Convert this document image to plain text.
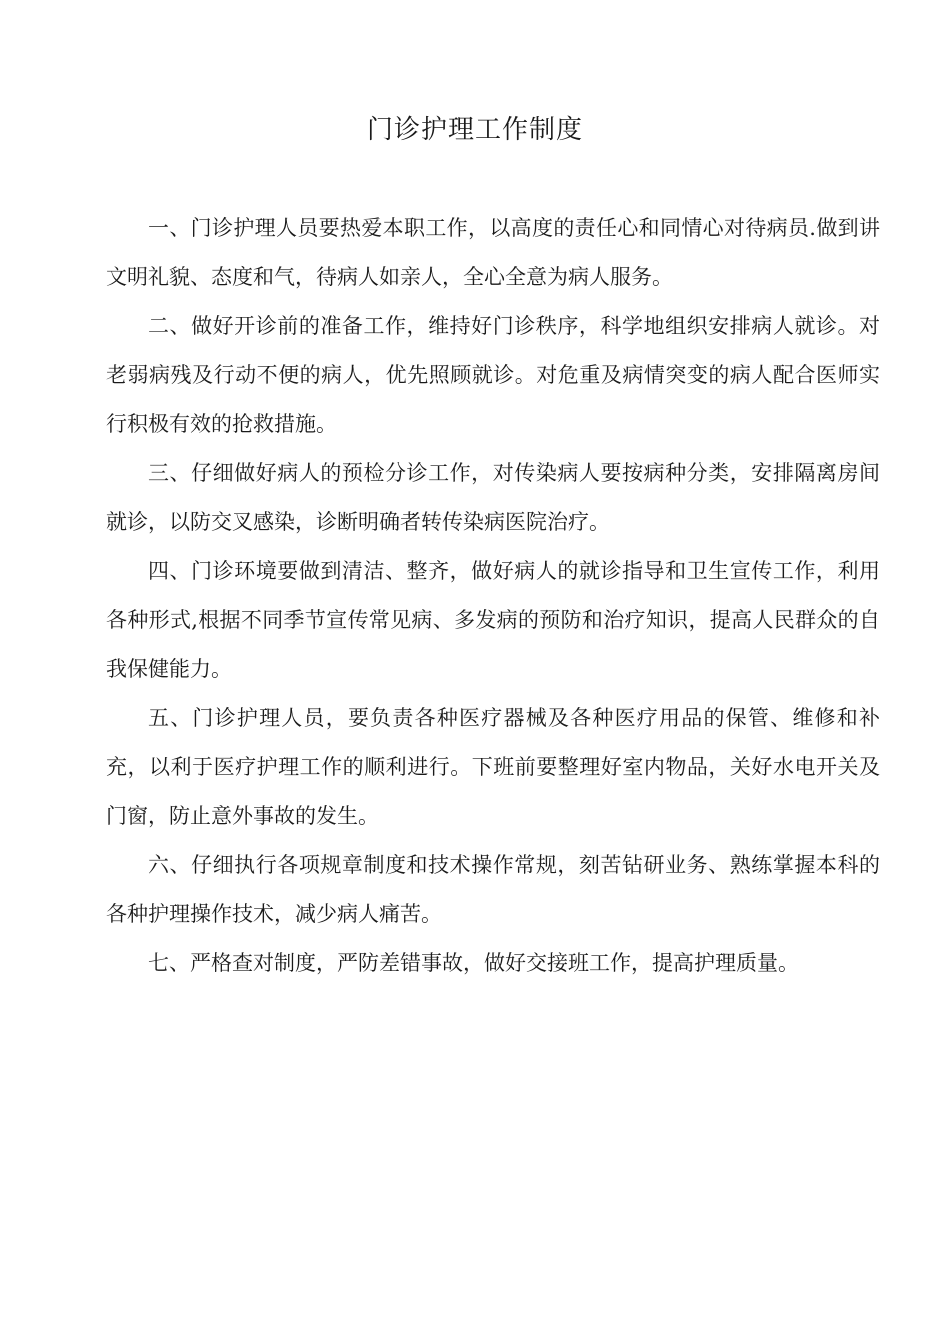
门诊护理工作制度

一、门诊护理人员要热爱本职工作，以高度的责任心和同情心对待病员.做到讲文明礼貌、态度和气，待病人如亲人，全心全意为病人服务。

二、做好开诊前的准备工作，维持好门诊秩序，科学地组织安排病人就诊。对老弱病残及行动不便的病人，优先照顾就诊。对危重及病情突变的病人配合医师实行积极有效的抢救措施。

三、仔细做好病人的预检分诊工作，对传染病人要按病种分类，安排隔离房间就诊，以防交叉感染，诊断明确者转传染病医院治疗。

四、门诊环境要做到清洁、整齐，做好病人的就诊指导和卫生宣传工作，利用各种形式,根据不同季节宣传常见病、多发病的预防和治疗知识，提高人民群众的自我保健能力。

五、门诊护理人员，要负责各种医疗器械及各种医疗用品的保管、维修和补充，以利于医疗护理工作的顺利进行。下班前要整理好室内物品，关好水电开关及门窗，防止意外事故的发生。

六、仔细执行各项规章制度和技术操作常规，刻苦钻研业务、熟练掌握本科的各种护理操作技术，减少病人痛苦。

七、严格查对制度，严防差错事故，做好交接班工作，提高护理质量。
